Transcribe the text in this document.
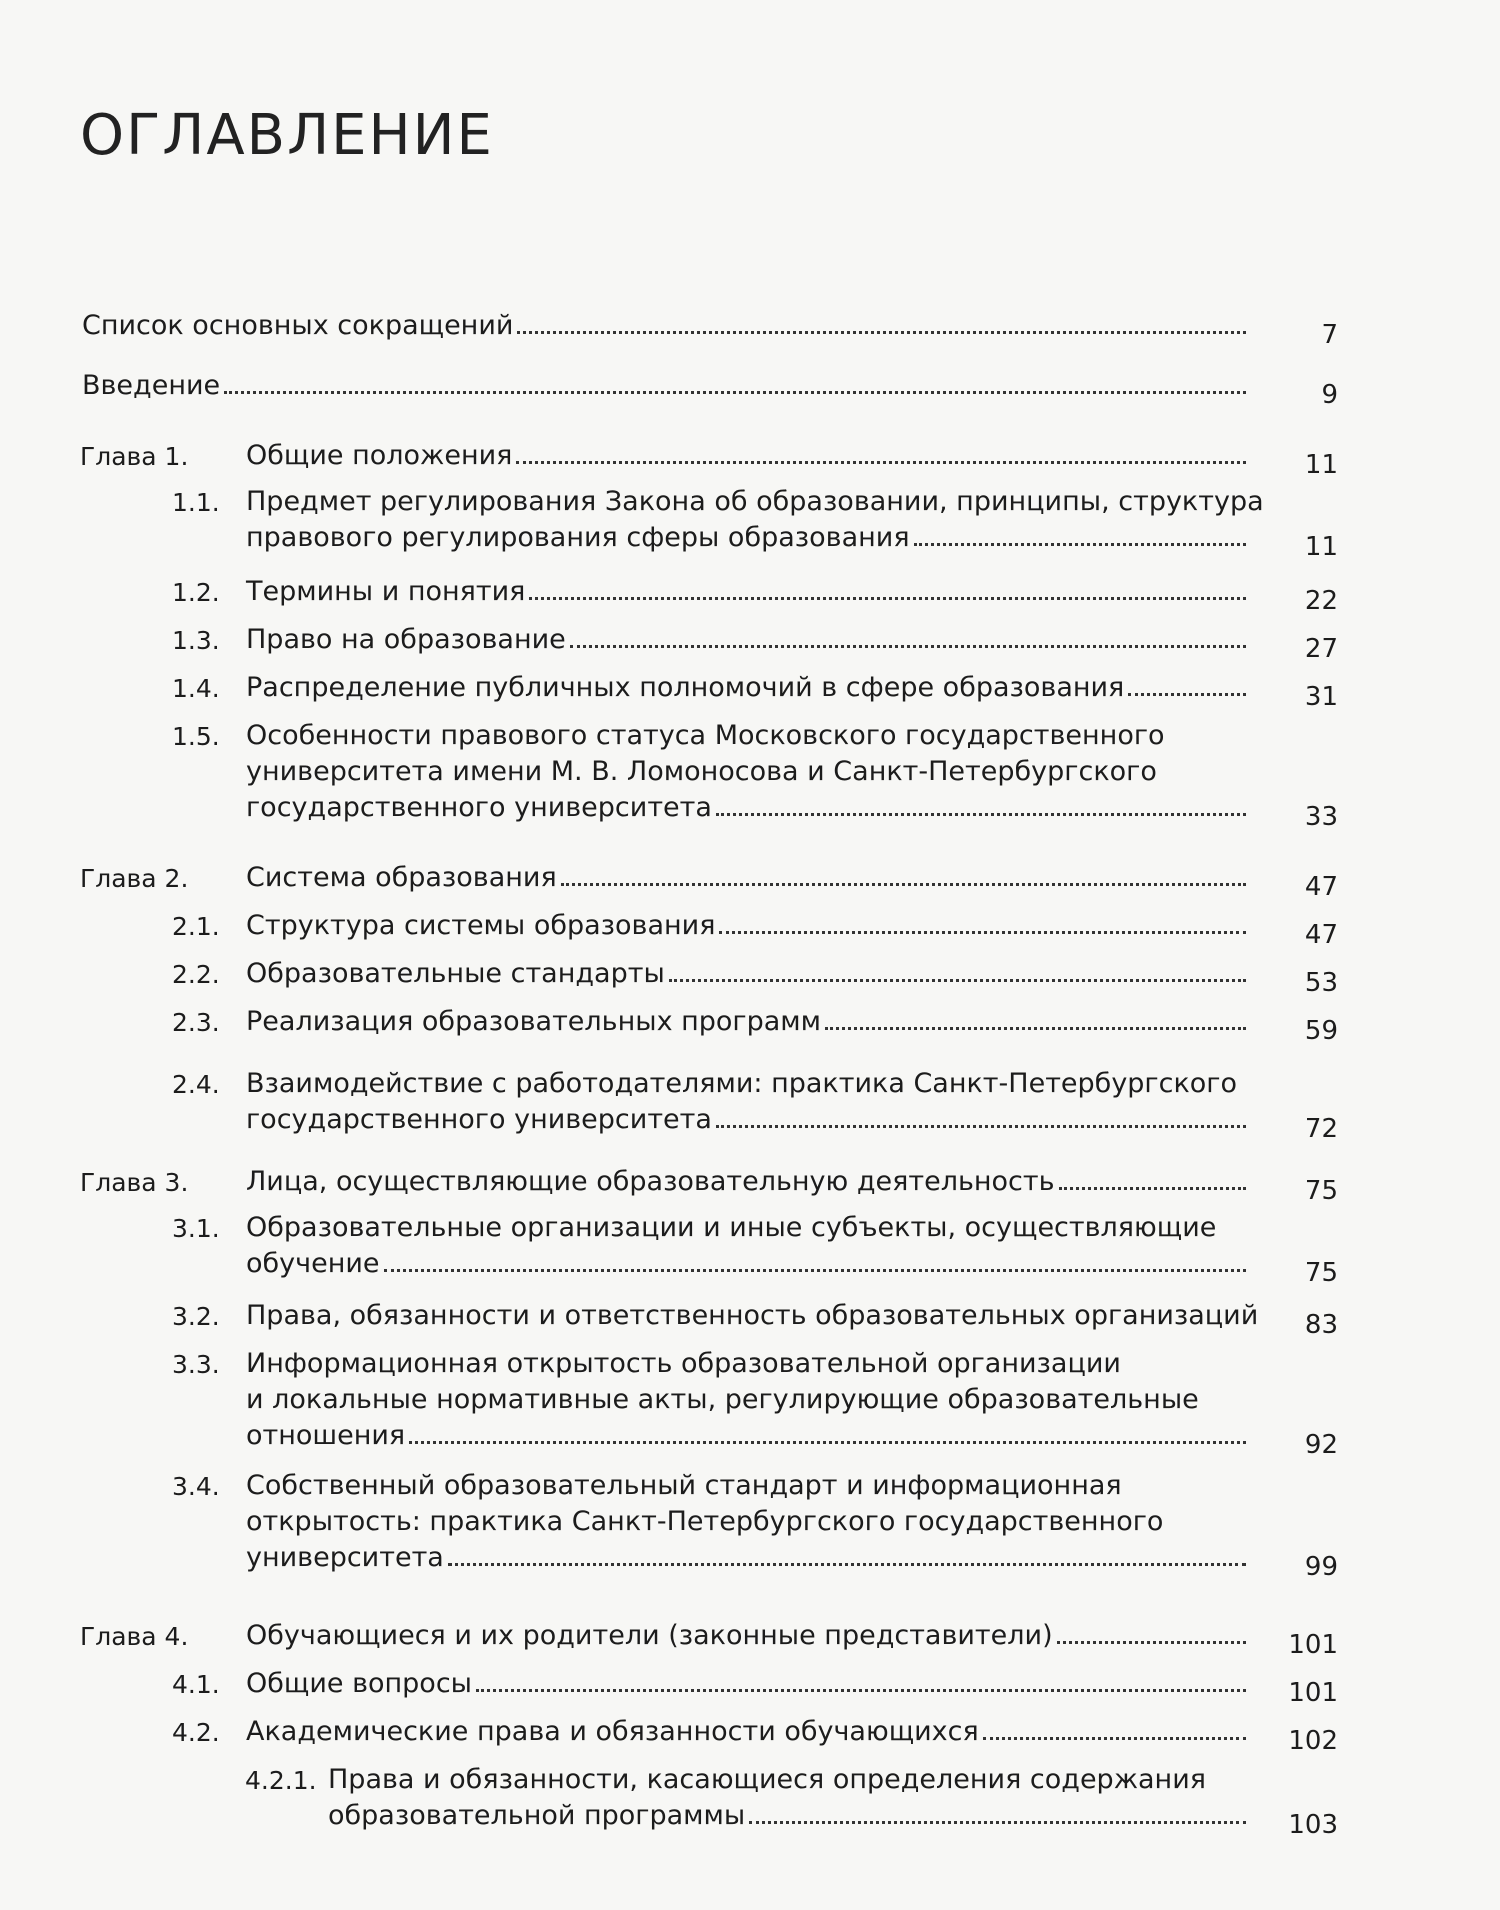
ОГЛАВЛЕНИЕ
Список основных сокращений	7
Введение	9
Глава 1. Общие положения	11
1.1. Предмет регулирования Закона об образовании, принципы, структура
правового регулирования сферы образования	11
1.2. Термины и понятия	22
1.3. Право на образование	27
1.4. Распределение публичных полномочий в сфере образования	31
1.5. Особенности правового статуса Московского государственного
университета имени М. В. Ломоносова и Санкт-Петербургского
государственного университета	33
Глава 2. Система образования	47
2.1. Структура системы образования	47
2.2. Образовательные стандарты	53
2.3. Реализация образовательных программ	59
2.4. Взаимодействие с работодателями: практика Санкт-Петербургского
государственного университета	72
Глава 3. Лица, осуществляющие образовательную деятельность	75
3.1. Образовательные организации и иные субъекты, осуществляющие
обучение	75
3.2. Права, обязанности и ответственность образовательных организаций 83
3.3. Информационная открытость образовательной организации
и локальные нормативные акты, регулирующие образовательные
отношения	92
3.4. Собственный образовательный стандарт и информационная
открытость: практика Санкт-Петербургского государственного
университета	99
Глава 4. Обучающиеся и их родители (законные представители)	101
4.1. Общие вопросы	101
4.2. Академические права и обязанности обучающихся	102
4.2.1. Права и обязанности, касающиеся определения содержания
образовательной программы	103
